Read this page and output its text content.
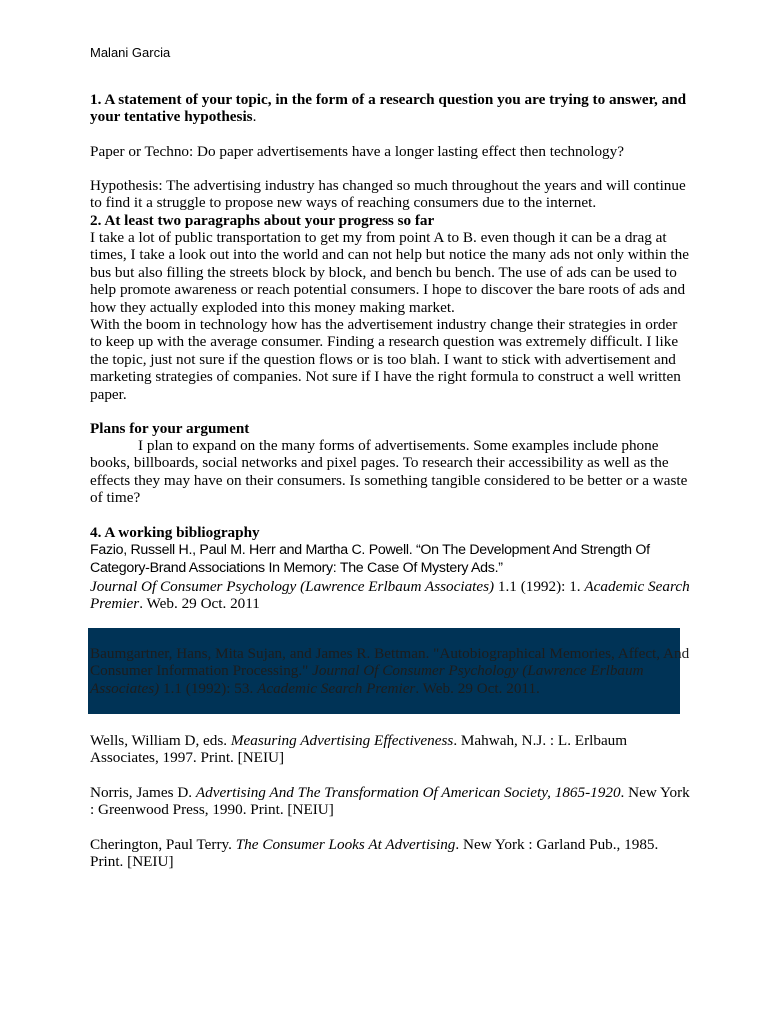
Malani Garcia

1. A statement of your topic, in the form of a research question you are trying to answer, and your tentative hypothesis.

Paper or Techno: Do paper advertisements have a longer lasting effect then technology?

Hypothesis: The advertising industry has changed so much throughout the years and will continue to find it a struggle to propose new ways of reaching consumers due to the internet.

2. At least two paragraphs about your progress so far

I take a lot of public transportation to get my from point A to B. even though it can be a drag at times, I take a look out into the world and can not help but notice the many ads not only within the bus but also filling the streets block by block, and bench bu bench. The use of ads can be used to help promote awareness or reach potential consumers. I hope to discover the bare roots of ads and how they actually exploded into this money making market.

With the boom in technology how has the advertisement industry change their strategies in order to keep up with the average consumer. Finding a research question was extremely difficult. I like the topic, just not sure if the question flows or is too blah. I want to stick with advertisement and marketing strategies of companies. Not sure if I have the right formula to construct a well written paper.

Plans for your argument

I plan to expand on the many forms of advertisements. Some examples include phone books, billboards, social networks and pixel pages. To research their accessibility as well as the effects they may have on their consumers. Is something tangible considered to be better or a waste of time?

4. A working bibliography

Fazio, Russell H., Paul M. Herr and Martha C. Powell. “On The Development And Strength Of Category-Brand Associations In Memory: The Case Of Mystery Ads.”
Journal Of Consumer Psychology (Lawrence Erlbaum Associates) 1.1 (1992): 1. Academic Search Premier. Web. 29 Oct. 2011

Baumgartner, Hans, Mita Sujan, and James R. Bettman. "Autobiographical Memories, Affect, And Consumer Information Processing." Journal Of Consumer Psychology (Lawrence Erlbaum Associates) 1.1 (1992): 53. Academic Search Premier. Web. 29 Oct. 2011.

Wells, William D, eds. Measuring Advertising Effectiveness. Mahwah, N.J. : L. Erlbaum Associates, 1997. Print. [NEIU]

Norris, James D. Advertising And The Transformation Of American Society, 1865-1920. New York : Greenwood Press, 1990. Print. [NEIU]

Cherington, Paul Terry. The Consumer Looks At Advertising. New York : Garland Pub., 1985. Print. [NEIU]
